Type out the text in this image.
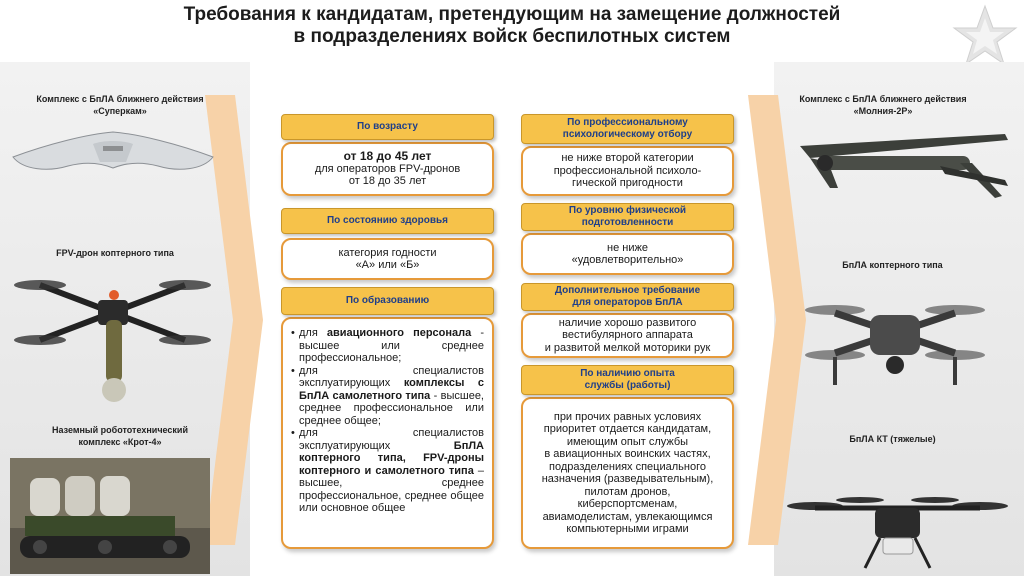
Требования к кандидатам, претендующим на замещение должностей
в подразделениях войск беспилотных систем
Комплекс с БпЛА ближнего действия
«Суперкам»
FPV-дрон коптерного типа
Наземный робототехнический
комплекс «Крот-4»
Комплекс с БпЛА ближнего действия
«Молния-2Р»
БпЛА коптерного типа
БпЛА КТ (тяжелые)
По возрасту
от 18 до 45 лет
для операторов FPV-дронов
от 18 до 35 лет
По состоянию здоровья
категория годности
«А» или «Б»
По образованию
• для авиационного персонала - высшее или среднее профессиональное;
• для специалистов эксплуатирующих комплексы с БпЛА самолетного типа - высшее, среднее профессиональное или среднее общее;
• для специалистов эксплуатирующих БпЛА коптерного типа, FPV-дроны коптерного и самолетного типа – высшее, среднее профессиональное, среднее общее или основное общее
По профессиональному
психологическому отбору
не ниже второй категории
профессиональной психоло-
гической пригодности
По уровню физической
подготовленности
не ниже
«удовлетворительно»
Дополнительное требование
для операторов БпЛА
наличие хорошо развитого
вестибулярного аппарата
и развитой мелкой моторики рук
По наличию опыта
службы (работы)
при прочих равных условиях
приоритет отдается кандидатам,
имеющим опыт службы
в авиационных воинских частях,
подразделениях специального
назначения (разведывательным),
пилотам дронов,
киберспортсменам,
авиамоделистам, увлекающимся
компьютерными играми
